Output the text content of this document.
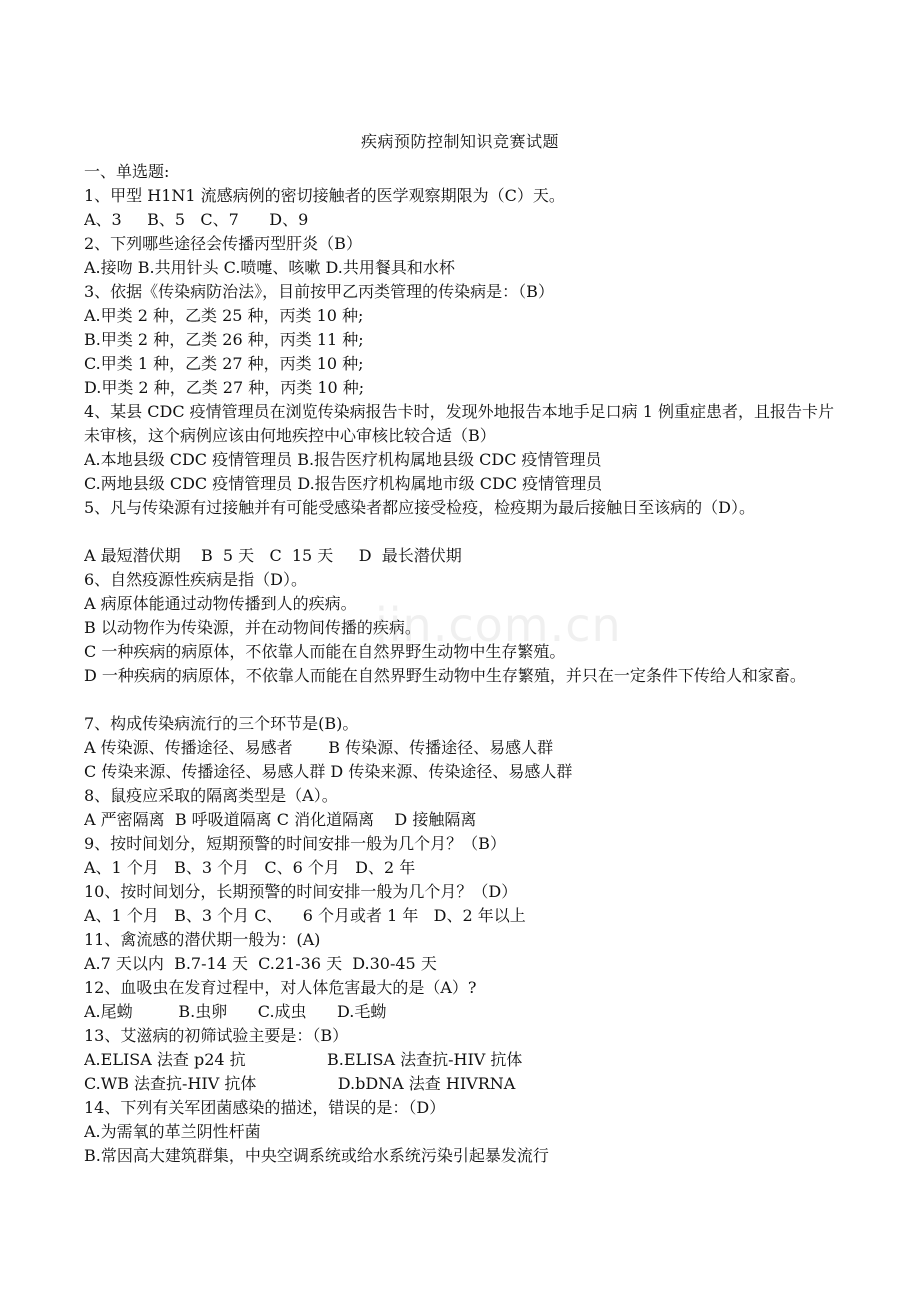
疾病预防控制知识竞赛试题
一、单选题:
1、甲型 H1N1 流感病例的密切接触者的医学观察期限为（C）天。
A、3     B、5   C、7      D、9
2、下列哪些途径会传播丙型肝炎（B）
A.接吻 B.共用针头 C.喷嚏、咳嗽 D.共用餐具和水杯
3、依据《传染病防治法》，目前按甲乙丙类管理的传染病是：（B）
A.甲类 2 种，乙类 25 种，丙类 10 种;
B.甲类 2 种，乙类 26 种，丙类 11 种;
C.甲类 1 种，乙类 27 种，丙类 10 种;
D.甲类 2 种，乙类 27 种，丙类 10 种;
4、某县 CDC 疫情管理员在浏览传染病报告卡时，发现外地报告本地手足口病 1 例重症患者，且报告卡片未审核，这个病例应该由何地疾控中心审核比较合适（B）
A.本地县级 CDC 疫情管理员 B.报告医疗机构属地县级 CDC 疫情管理员
C.两地县级 CDC 疫情管理员 D.报告医疗机构属地市级 CDC 疫情管理员
5、凡与传染源有过接触并有可能受感染者都应接受检疫，检疫期为最后接触日至该病的（D）。
A 最短潜伏期    B  5 天   C  15 天     D  最长潜伏期
6、自然疫源性疾病是指（D）。
A 病原体能通过动物传播到人的疾病。
B 以动物作为传染源，并在动物间传播的疾病。
C 一种疾病的病原体，不依靠人而能在自然界野生动物中生存繁殖。
D 一种疾病的病原体，不依靠人而能在自然界野生动物中生存繁殖，并只在一定条件下传给人和家畜。
7、构成传染病流行的三个环节是(B)。
A 传染源、传播途径、易感者       B 传染源、传播途径、易感人群
C 传染来源、传播途径、易感人群 D 传染来源、传染途径、易感人群
8、鼠疫应采取的隔离类型是（A）。
A 严密隔离  B 呼吸道隔离 C 消化道隔离    D 接触隔离
9、按时间划分，短期预警的时间安排一般为几个月？（B）
A、1 个月   B、3 个月   C、6 个月   D、2 年
10、按时间划分，长期预警的时间安排一般为几个月？（D）
A、1 个月   B、3 个月 C、    6 个月或者 1 年   D、2 年以上
11、禽流感的潜伏期一般为：(A)
A.7 天以内  B.7-14 天  C.21-36 天  D.30-45 天
12、血吸虫在发育过程中，对人体危害最大的是（A）?
A.尾蚴         B.虫卵      C.成虫      D.毛蚴
13、艾滋病的初筛试验主要是：（B）
A.ELISA 法查 p24 抗                B.ELISA 法查抗-HIV 抗体
C.WB 法查抗-HIV 抗体                D.bDNA 法查 HIVRNA
14、下列有关军团菌感染的描述，错误的是：（D）
A.为需氧的革兰阴性杆菌
B.常因高大建筑群集，中央空调系统或给水系统污染引起暴发流行
jin.com.cn
